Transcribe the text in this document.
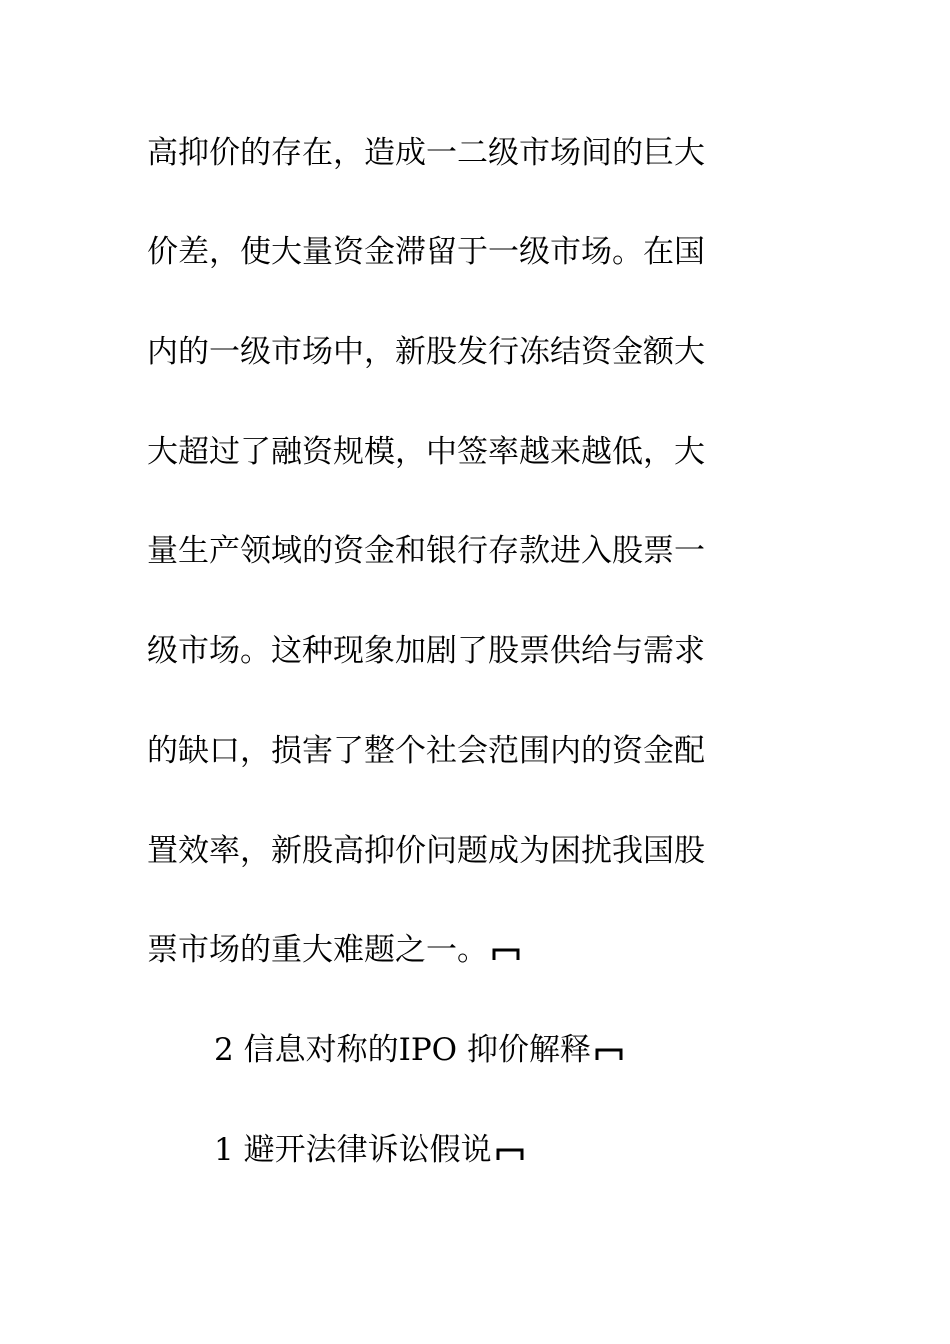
高抑价的存在，造成一二级市场间的巨大
价差，使大量资金滞留于一级市场。在国
内的一级市场中，新股发行冻结资金额大
大超过了融资规模，中签率越来越低，大
量生产领域的资金和银行存款进入股票一
级市场。这种现象加剧了股票供给与需求
的缺口，损害了整个社会范围内的资金配
置效率，新股高抑价问题成为困扰我国股
票市场的重大难题之一。
2 信息对称的IPO 抑价解释
1 避开法律诉讼假说
